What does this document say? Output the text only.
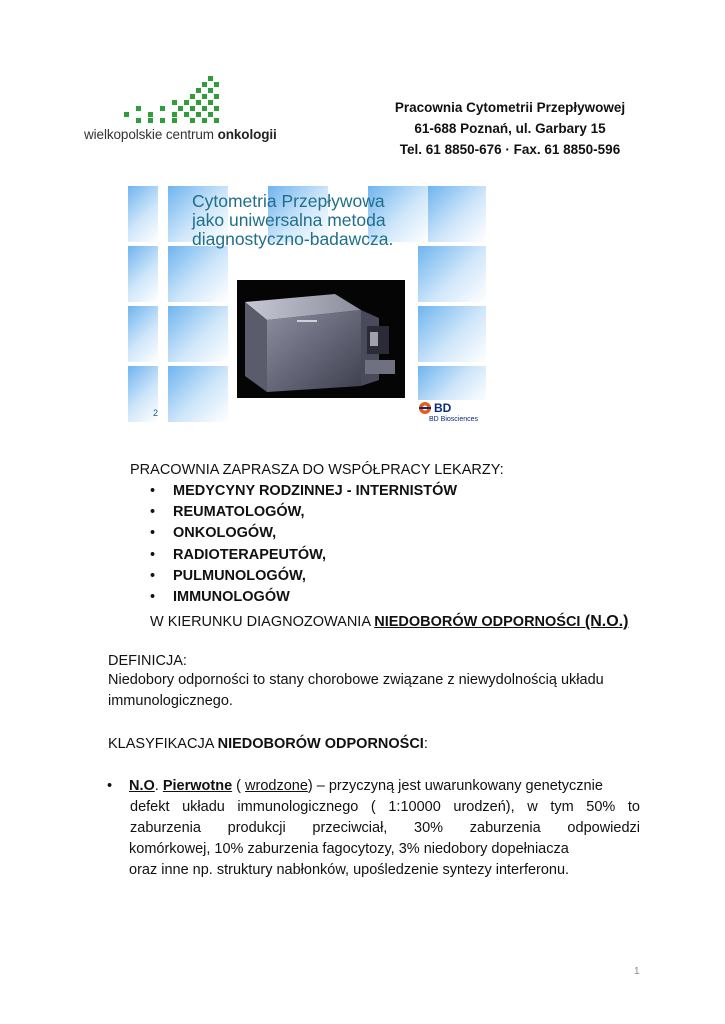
wielkopolskie centrum onkologii
Pracownia Cytometrii Przepływowej
61-688 Poznań, ul. Garbary 15
Tel. 61 8850-676 · Fax. 61 8850-596
Cytometria Przepływowa
jako uniwersalna metoda
diagnostyczno-badawcza.
2	BD
BD Biosciences
PRACOWNIA ZAPRASZA DO WSPÓŁPRACY LEKARZY:
• MEDYCYNY RODZINNEJ - INTERNISTÓW
• REUMATOLOGÓW,
• ONKOLOGÓW,
• RADIOTERAPEUTÓW,
• PULMUNOLOGÓW,
• IMMUNOLOGÓW
W KIERUNKU DIAGNOZOWANIA NIEDOBORÓW ODPORNOŚCI (N.O.)
DEFINICJA:
Niedobory odporności to stany chorobowe związane z niewydolnością układu immunologicznego.
KLASYFIKACJA NIEDOBORÓW ODPORNOŚCI:
• N.O. Pierwotne ( wrodzone) – przyczyną jest uwarunkowany genetycznie
defekt układu immunologicznego ( 1:10000 urodzeń), w tym 50% to
zaburzenia produkcji przeciwciał, 30% zaburzenia odpowiedzi
komórkowej, 10% zaburzenia fagocytozy, 3% niedobory dopełniacza
oraz inne np. struktury nabłonków, upośledzenie syntezy interferonu.
1
